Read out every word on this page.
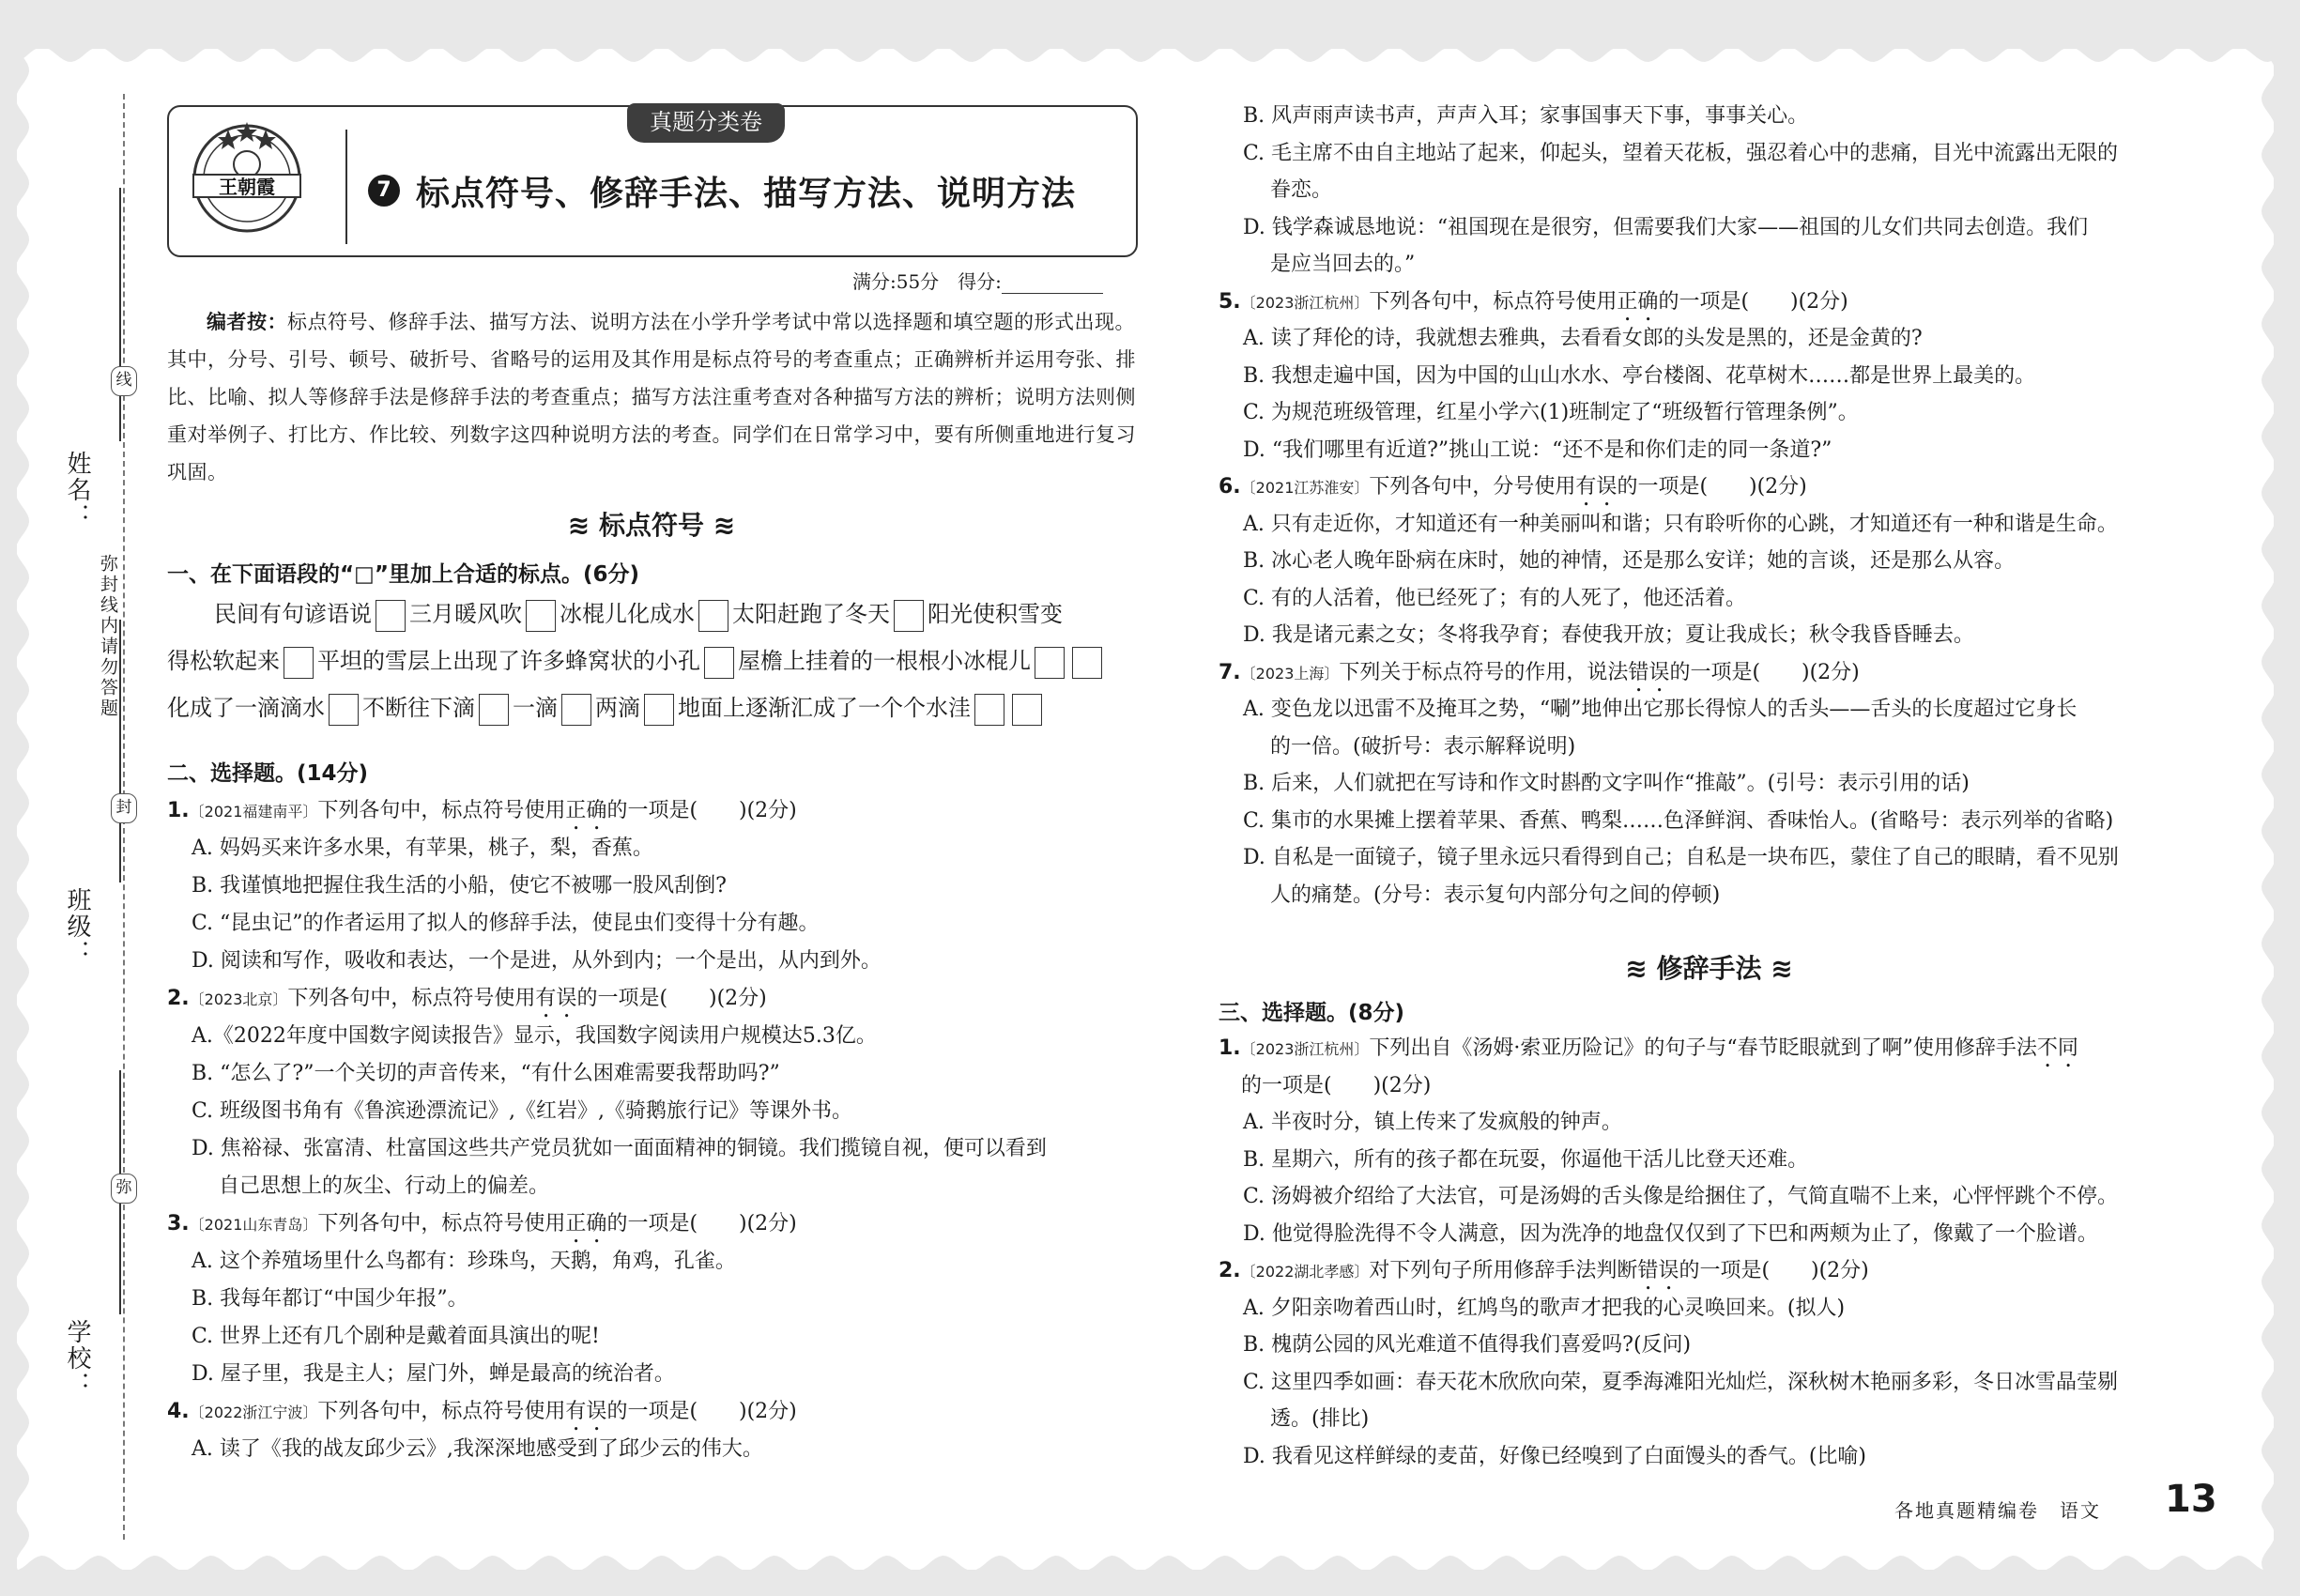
姓名：
班级：
学校：
线
封
弥
弥封线内请勿答题
真题分类卷
王朝霞	7 标点符号、修辞手法、描写方法、说明方法
满分:55分　得分:
编者按：标点符号、修辞手法、描写方法、说明方法在小学升学考试中常以选择题和填空题的形式出现。其中，分号、引号、顿号、破折号、省略号的运用及其作用是标点符号的考查重点；正确辨析并运用夸张、排比、比喻、拟人等修辞手法是修辞手法的考查重点；描写方法注重考查对各种描写方法的辨析；说明方法则侧重对举例子、打比方、作比较、列数字这四种说明方法的考查。同学们在日常学习中，要有所侧重地进行复习巩固。
≋ 标点符号 ≋
一、在下面语段的“□”里加上合适的标点。(6分)
民间有句谚语说 三月暖风吹 冰棍儿化成水 太阳赶跑了冬天 阳光使积雪变
得松软起来 平坦的雪层上出现了许多蜂窝状的小孔 屋檐上挂着的一根根小冰棍儿
化成了一滴滴水 不断往下滴 一滴 两滴 地面上逐渐汇成了一个个水洼
二、选择题。(14分)
1.〔2021福建南平〕下列各句中，标点符号使用正确的一项是(　　)(2分)
A. 妈妈买来许多水果，有苹果，桃子，梨，香蕉。
B. 我谨慎地把握住我生活的小船，使它不被哪一股风刮倒?
C. “昆虫记”的作者运用了拟人的修辞手法，使昆虫们变得十分有趣。
D. 阅读和写作，吸收和表达，一个是进，从外到内；一个是出，从内到外。
2.〔2023北京〕下列各句中，标点符号使用有误的一项是(　　)(2分)
A.《2022年度中国数字阅读报告》显示，我国数字阅读用户规模达5.3亿。
B. “怎么了?”一个关切的声音传来，“有什么困难需要我帮助吗?”
C. 班级图书角有《鲁滨逊漂流记》,《红岩》,《骑鹅旅行记》等课外书。
D. 焦裕禄、张富清、杜富国这些共产党员犹如一面面精神的铜镜。我们揽镜自视，便可以看到
　 自己思想上的灰尘、行动上的偏差。
3.〔2021山东青岛〕下列各句中，标点符号使用正确的一项是(　　)(2分)
A. 这个养殖场里什么鸟都有：珍珠鸟，天鹅，角鸡，孔雀。
B. 我每年都订“中国少年报”。
C. 世界上还有几个剧种是戴着面具演出的呢!
D. 屋子里，我是主人；屋门外，蝉是最高的统治者。
4.〔2022浙江宁波〕下列各句中，标点符号使用有误的一项是(　　)(2分)
A. 读了《我的战友邱少云》,我深深地感受到了邱少云的伟大。
B. 风声雨声读书声，声声入耳；家事国事天下事，事事关心。
C. 毛主席不由自主地站了起来，仰起头，望着天花板，强忍着心中的悲痛，目光中流露出无限的
　 眷恋。
D. 钱学森诚恳地说：“祖国现在是很穷，但需要我们大家——祖国的儿女们共同去创造。我们
　 是应当回去的。”
5.〔2023浙江杭州〕下列各句中，标点符号使用正确的一项是(　　)(2分)
A. 读了拜伦的诗，我就想去雅典，去看看女郎的头发是黑的，还是金黄的?
B. 我想走遍中国，因为中国的山山水水、亭台楼阁、花草树木……都是世界上最美的。
C. 为规范班级管理，红星小学六(1)班制定了“班级暂行管理条例”。
D. “我们哪里有近道?”挑山工说：“还不是和你们走的同一条道?”
6.〔2021江苏淮安〕下列各句中，分号使用有误的一项是(　　)(2分)
A. 只有走近你，才知道还有一种美丽叫和谐；只有聆听你的心跳，才知道还有一种和谐是生命。
B. 冰心老人晚年卧病在床时，她的神情，还是那么安详；她的言谈，还是那么从容。
C. 有的人活着，他已经死了；有的人死了，他还活着。
D. 我是诸元素之女；冬将我孕育；春使我开放；夏让我成长；秋令我昏昏睡去。
7.〔2023上海〕下列关于标点符号的作用，说法错误的一项是(　　)(2分)
A. 变色龙以迅雷不及掩耳之势，“唰”地伸出它那长得惊人的舌头——舌头的长度超过它身长
　 的一倍。(破折号：表示解释说明)
B. 后来，人们就把在写诗和作文时斟酌文字叫作“推敲”。(引号：表示引用的话)
C. 集市的水果摊上摆着苹果、香蕉、鸭梨……色泽鲜润、香味怡人。(省略号：表示列举的省略)
D. 自私是一面镜子，镜子里永远只看得到自己；自私是一块布匹，蒙住了自己的眼睛，看不见别
　 人的痛楚。(分号：表示复句内部分句之间的停顿)
≋ 修辞手法 ≋
三、选择题。(8分)
1.〔2023浙江杭州〕下列出自《汤姆·索亚历险记》的句子与“春节眨眼就到了啊”使用修辞手法不同
的一项是(　　)(2分)
A. 半夜时分，镇上传来了发疯般的钟声。
B. 星期六，所有的孩子都在玩耍，你逼他干活儿比登天还难。
C. 汤姆被介绍给了大法官，可是汤姆的舌头像是给捆住了，气简直喘不上来，心怦怦跳个不停。
D. 他觉得脸洗得不令人满意，因为洗净的地盘仅仅到了下巴和两颊为止了，像戴了一个脸谱。
2.〔2022湖北孝感〕对下列句子所用修辞手法判断错误的一项是(　　)(2分)
A. 夕阳亲吻着西山时，红鸠鸟的歌声才把我的心灵唤回来。(拟人)
B. 槐荫公园的风光难道不值得我们喜爱吗?(反问)
C. 这里四季如画：春天花木欣欣向荣，夏季海滩阳光灿烂，深秋树木艳丽多彩，冬日冰雪晶莹剔
　 透。(排比)
D. 我看见这样鲜绿的麦苗，好像已经嗅到了白面馒头的香气。(比喻)
各地真题精编卷　语文 13
